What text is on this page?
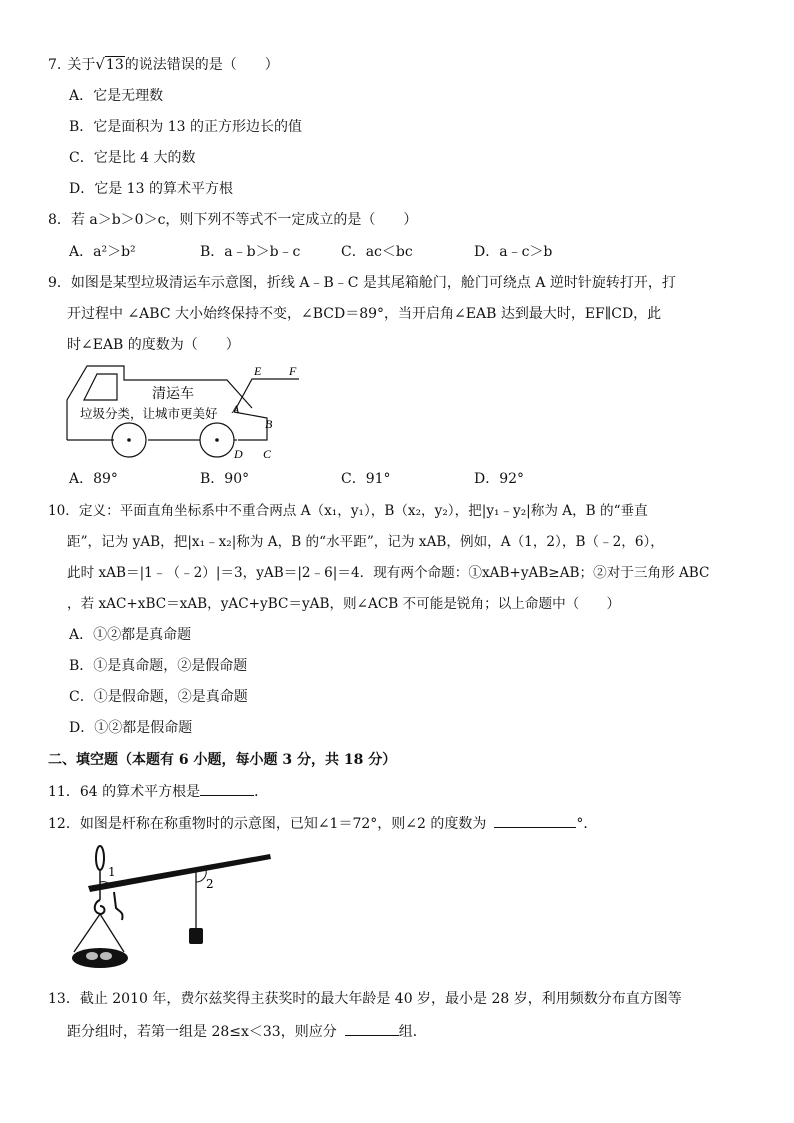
7. 关于√13的说法错误的是（　　）
A．它是无理数
B．它是面积为 13 的正方形边长的值
C．它是比 4 大的数
D．它是 13 的算术平方根
8．若 a＞b＞0＞c，则下列不等式不一定成立的是（　　）
A．a²＞b²	B．a﹣b＞b﹣c	C．ac＜bc	D．a﹣c＞b
9．如图是某型垃圾清运车示意图，折线 A﹣B﹣C 是其尾箱舱门，舱门可绕点 A 逆时针旋转打开，打
开过程中 ∠ABC 大小始终保持不变，∠BCD＝89°，当开启角∠EAB 达到最大时，EF∥CD，此
时∠EAB 的度数为（　　）
清运车
垃圾分类，让城市更美好
E F
A
B
D C
A．89°	B．90°	C．91°	D．92°
10．定义：平面直角坐标系中不重合两点 A（x₁，y₁），B（x₂，y₂），把|y₁﹣y₂|称为 A，B 的“垂直
距”，记为 yAB，把|x₁﹣x₂|称为 A，B 的“水平距”，记为 xAB，例如，A（1，2），B（﹣2，6），
此时 xAB＝|1﹣（﹣2）|＝3，yAB＝|2﹣6|＝4．现有两个命题：①xAB+yAB≥AB；②对于三角形 ABC
，若 xAC+xBC＝xAB，yAC+yBC＝yAB，则∠ACB 不可能是锐角；以上命题中（　　）
A．①②都是真命题
B．①是真命题，②是假命题
C．①是假命题，②是真命题
D．①②都是假命题
二、填空题（本题有 6 小题，每小题 3 分，共 18 分）
11．64 的算术平方根是	．
12．如图是杆称在称重物时的示意图，已知∠1＝72°，则∠2 的度数为	°．
1
2
13．截止 2010 年，费尔兹奖得主获奖时的最大年龄是 40 岁，最小是 28 岁，利用频数分布直方图等
距分组时，若第一组是 28≤x＜33，则应分	组．
